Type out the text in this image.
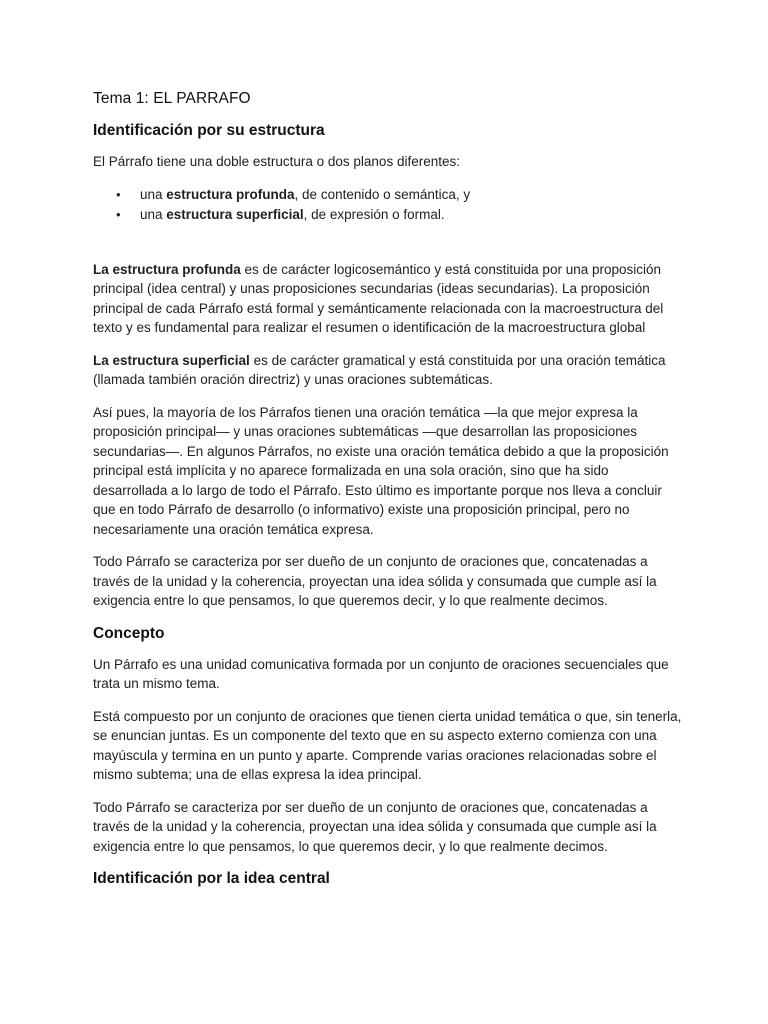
Tema 1: EL PARRAFO
Identificación por su estructura

El Párrafo tiene una doble estructura o dos planos diferentes:

• una estructura profunda, de contenido o semántica, y
• una estructura superficial, de expresión o formal.

La estructura profunda es de carácter logicosemántico y está constituida por una proposición principal (idea central) y unas proposiciones secundarias (ideas secundarias). La proposición principal de cada Párrafo está formal y semánticamente relacionada con la macroestructura del texto y es fundamental para realizar el resumen o identificación de la macroestructura global

La estructura superficial es de carácter gramatical y está constituida por una oración temática (llamada también oración directriz) y unas oraciones subtemáticas.

Así pues, la mayoría de los Párrafos tienen una oración temática —la que mejor expresa la proposición principal— y unas oraciones subtemáticas —que desarrollan las proposiciones secundarias—. En algunos Párrafos, no existe una oración temática debido a que la proposición principal está implícita y no aparece formalizada en una sola oración, sino que ha sido desarrollada a lo largo de todo el Párrafo. Esto último es importante porque nos lleva a concluir que en todo Párrafo de desarrollo (o informativo) existe una proposición principal, pero no necesariamente una oración temática expresa.

Todo Párrafo se caracteriza por ser dueño de un conjunto de oraciones que, concatenadas a través de la unidad y la coherencia, proyectan una idea sólida y consumada que cumple así la exigencia entre lo que pensamos, lo que queremos decir, y lo que realmente decimos.

Concepto

Un Párrafo es una unidad comunicativa formada por un conjunto de oraciones secuenciales que trata un mismo tema.

Está compuesto por un conjunto de oraciones que tienen cierta unidad temática o que, sin tenerla, se enuncian juntas. Es un componente del texto que en su aspecto externo comienza con una mayúscula y termina en un punto y aparte. Comprende varias oraciones relacionadas sobre el mismo subtema; una de ellas expresa la idea principal.

Todo Párrafo se caracteriza por ser dueño de un conjunto de oraciones que, concatenadas a través de la unidad y la coherencia, proyectan una idea sólida y consumada que cumple así la exigencia entre lo que pensamos, lo que queremos decir, y lo que realmente decimos.

Identificación por la idea central
